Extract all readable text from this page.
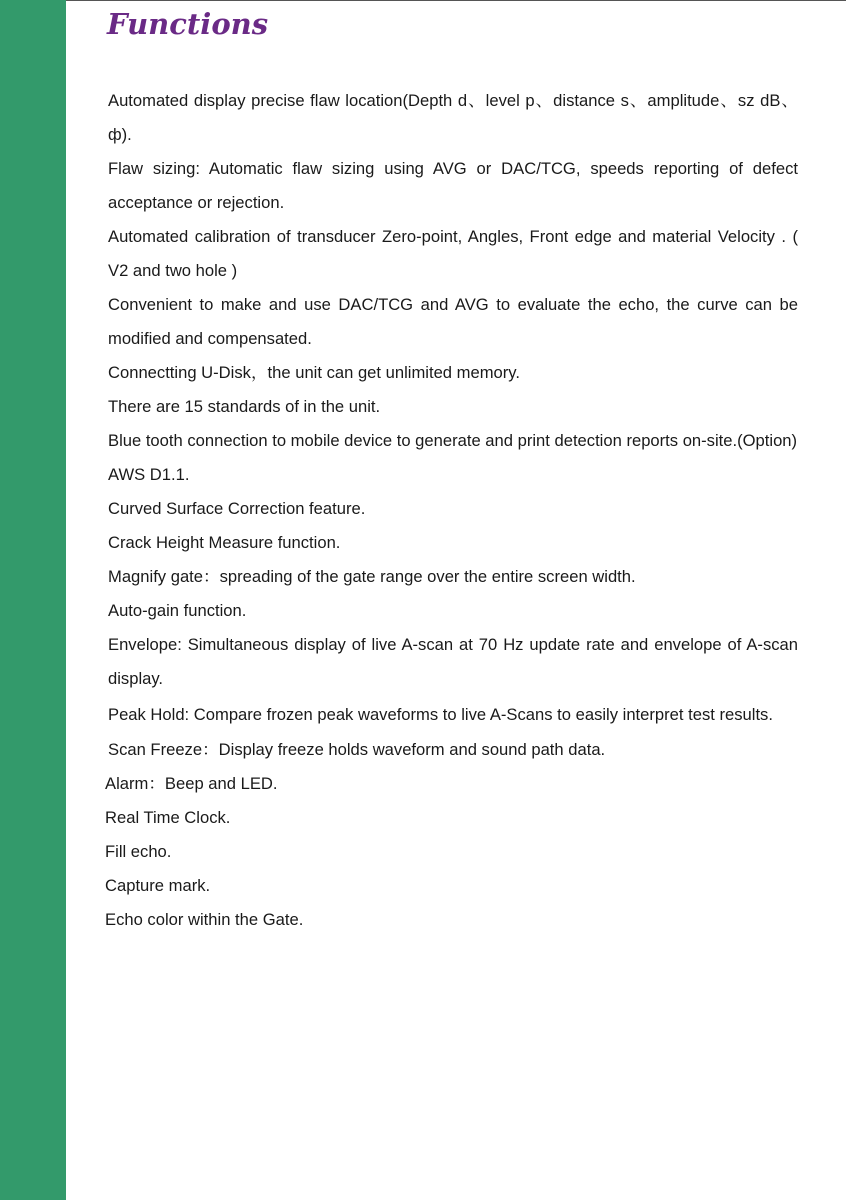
Functions
Automated display precise flaw location(Depth d、level p、distance s、amplitude、sz dB、ф).
Flaw sizing: Automatic flaw sizing using AVG or DAC/TCG, speeds reporting of defect acceptance or rejection.
Automated calibration of transducer Zero-point, Angles, Front edge and material Velocity . ( V2 and two hole )
Convenient to make and use DAC/TCG and AVG to evaluate the echo, the curve can be modified and compensated.
Connectting U-Disk，the unit can get unlimited memory.
There are 15 standards of in the unit.
Blue tooth connection to mobile device to generate and print detection reports on-site.(Option)
AWS D1.1.
Curved Surface Correction feature.
Crack Height Measure function.
Magnify gate：spreading of the gate range over the entire screen width.
Auto-gain function.
Envelope: Simultaneous display of live A-scan at 70 Hz update rate and envelope of A-scan display.
Peak Hold: Compare frozen peak waveforms to live A-Scans to easily interpret test results.
Scan Freeze：Display freeze holds waveform and sound path data.
Alarm：Beep and LED.
Real Time Clock.
Fill echo.
Capture mark.
Echo color within the Gate.
